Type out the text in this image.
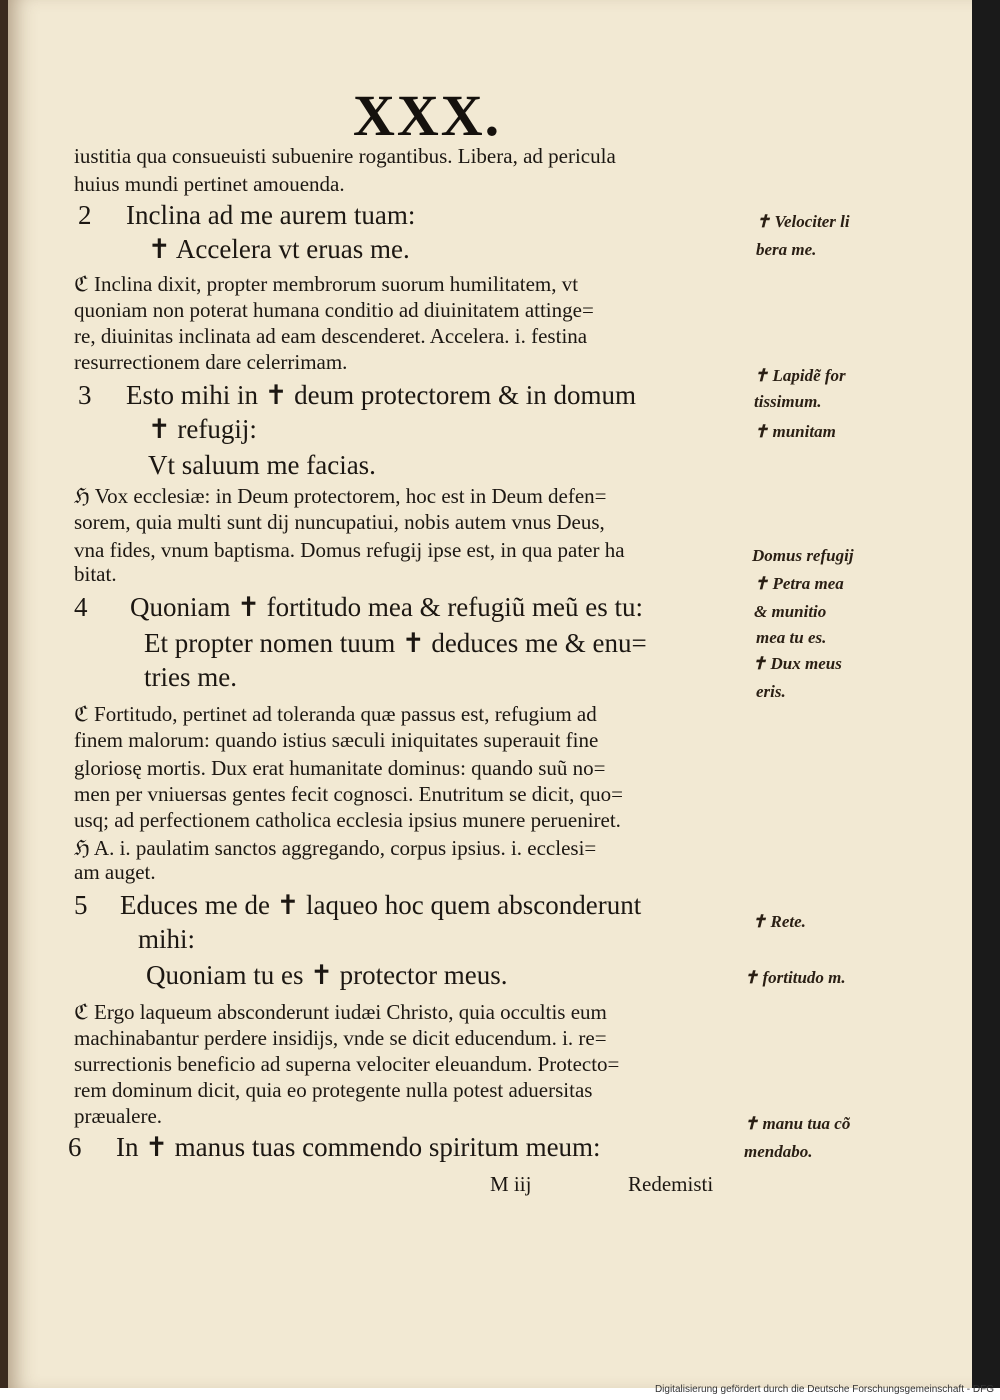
XXX.
iustitia qua consueuisti subuenire rogantibus. Libera, ad pericula
huius mundi pertinet amouenda.
2 Inclina ad me aurem tuam:
✝ Accelera vt eruas me.
ℭ Inclina dixit, propter membrorum suorum humilitatem, vt
quoniam non poterat humana conditio ad diuinitatem attinge=
re, diuinitas inclinata ad eam descenderet. Accelera. i. festina
resurrectionem dare celerrimam.
3 Esto mihi in ✝ deum protectorem & in domum
✝ refugij:
Vt saluum me facias.
ℌ Vox ecclesiæ: in Deum protectorem, hoc est in Deum defen=
sorem, quia multi sunt dij nuncupatiui, nobis autem vnus Deus,
vna fides, vnum baptisma. Domus refugij ipse est, in qua pater ha
bitat.
4 Quoniam ✝ fortitudo mea & refugiũ meũ es tu:
Et propter nomen tuum ✝ deduces me & enu=
tries me.
ℭ Fortitudo, pertinet ad toleranda quæ passus est, refugium ad
finem malorum: quando istius sæculi iniquitates superauit fine
gloriosę mortis. Dux erat humanitate dominus: quando suũ no=
men per vniuersas gentes fecit cognosci. Enutritum se dicit, quo=
usq; ad perfectionem catholica ecclesia ipsius munere perueniret.
ℌ A. i. paulatim sanctos aggregando, corpus ipsius. i. ecclesi=
am auget.
5 Educes me de ✝ laqueo hoc quem absconderunt
mihi:
Quoniam tu es ✝ protector meus.
ℭ Ergo laqueum absconderunt iudæi Christo, quia occultis eum
machinabantur perdere insidijs, vnde se dicit educendum. i. re=
surrectionis beneficio ad superna velociter eleuandum. Protecto=
rem dominum dicit, quia eo protegente nulla potest aduersitas
præualere.
6 In ✝ manus tuas commendo spiritum meum:
M iij	Redemisti
✝ Velociter li
bera me.
✝ Lapidẽ for
tissimum.
✝ munitam
Domus refugij
✝ Petra mea
& munitio
mea tu es.
✝ Dux meus
eris.
✝ Rete.
✝ fortitudo m.
✝ manu tua cõ
mendabo.
Digitalisierung gefördert durch die Deutsche Forschungsgemeinschaft - DFG
